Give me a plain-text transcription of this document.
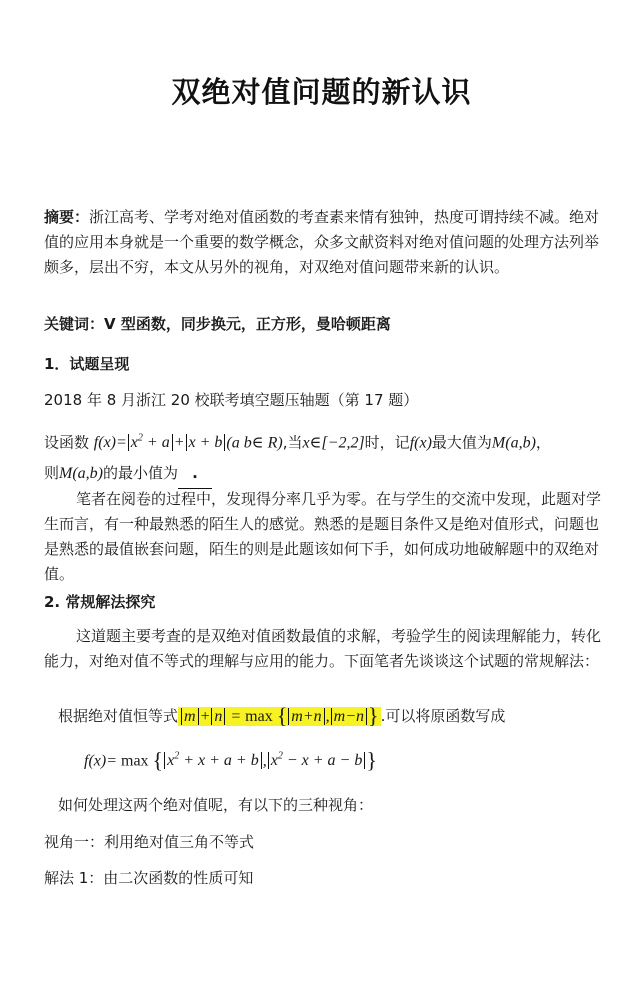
双绝对值问题的新认识
摘要：浙江高考、学考对绝对值函数的考查素来情有独钟，热度可谓持续不减。绝对值的应用本身就是一个重要的数学概念，众多文献资料对绝对值问题的处理方法列举颇多，层出不穷，本文从另外的视角，对双绝对值问题带来新的认识。
关键词：V 型函数，同步换元，正方形，曼哈顿距离
1．试题呈现
2018 年 8 月浙江 20 校联考填空题压轴题（第 17 题）
设函数 $f(x)= x^2 + a + x + b$ (a b∈ R),当x∈[−2,2]时，记f(x)最大值为M(a,b)，
则M(a,b)的最小值为 .
笔者在阅卷的过程中，发现得分率几乎为零。在与学生的交流中发现，此题对学生而言，有一种最熟悉的陌生人的感觉。熟悉的是题目条件又是绝对值形式，问题也是熟悉的最值嵌套问题，陌生的则是此题该如何下手，如何成功地破解题中的双绝对值。
2. 常规解法探究
这道题主要考查的是双绝对值函数最值的求解，考验学生的阅读理解能力，转化能力，对绝对值不等式的理解与应用的能力。下面笔者先谈谈这个试题的常规解法：
根据绝对值恒等式 m + n = max { m+n , m−n } .可以将原函数写成
f(x)= max { $x^2 + x + a + b$ , $x^2 - x + a - b$ }
如何处理这两个绝对值呢，有以下的三种视角：
视角一：利用绝对值三角不等式
解法 1：由二次函数的性质可知
